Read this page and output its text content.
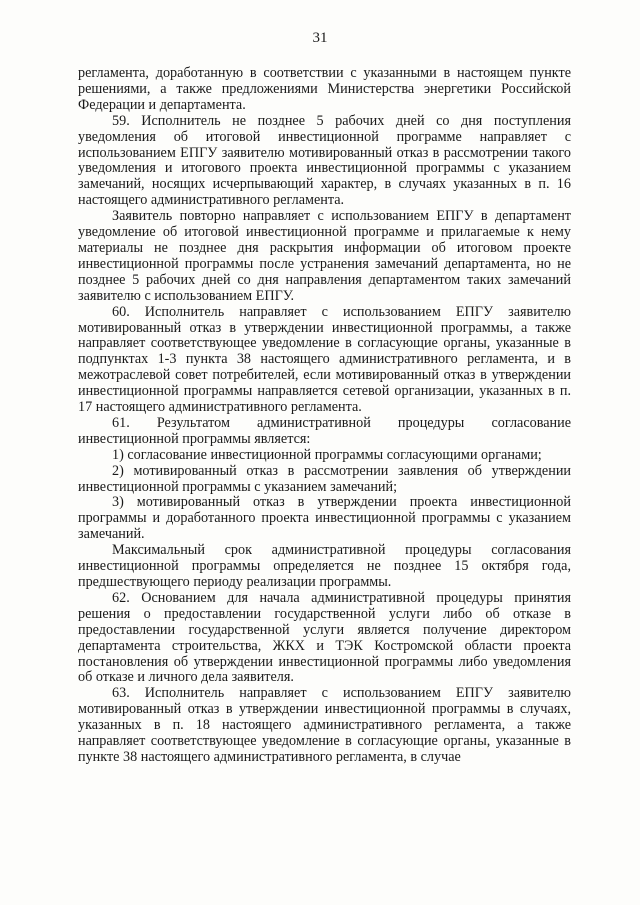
31

регламента, доработанную в соответствии с указанными в настоящем пункте решениями, а также предложениями Министерства энергетики Российской Федерации и департамента.

59. Исполнитель не позднее 5 рабочих дней со дня поступления уведомления об итоговой инвестиционной программе направляет с использованием ЕПГУ заявителю мотивированный отказ в рассмотрении такого уведомления и итогового проекта инвестиционной программы с указанием замечаний, носящих исчерпывающий характер, в случаях указанных в п. 16 настоящего административного регламента.

Заявитель повторно направляет с использованием ЕПГУ в департамент уведомление об итоговой инвестиционной программе и прилагаемые к нему материалы не позднее дня раскрытия информации об итоговом проекте инвестиционной программы после устранения замечаний департамента, но не позднее 5 рабочих дней со дня направления департаментом таких замечаний заявителю с использованием ЕПГУ.

60. Исполнитель направляет с использованием ЕПГУ заявителю мотивированный отказ в утверждении инвестиционной программы, а также направляет соответствующее уведомление в согласующие органы, указанные в подпунктах 1-3 пункта 38 настоящего административного регламента, и в межотраслевой совет потребителей, если мотивированный отказ в утверждении инвестиционной программы направляется сетевой организации, указанных в п. 17 настоящего административного регламента.

61. Результатом административной процедуры согласование инвестиционной программы является:

1) согласование инвестиционной программы согласующими органами;

2) мотивированный отказ в рассмотрении заявления об утверждении инвестиционной программы с указанием замечаний;

3) мотивированный отказ в утверждении проекта инвестиционной программы и доработанного проекта инвестиционной программы с указанием замечаний.

Максимальный срок административной процедуры согласования инвестиционной программы определяется не позднее 15 октября года, предшествующего периоду реализации программы.

62. Основанием для начала административной процедуры принятия решения о предоставлении государственной услуги либо об отказе в предоставлении государственной услуги является получение директором департамента строительства, ЖКХ и ТЭК Костромской области проекта постановления об утверждении инвестиционной программы либо уведомления об отказе и личного дела заявителя.

63. Исполнитель направляет с использованием ЕПГУ заявителю мотивированный отказ в утверждении инвестиционной программы в случаях, указанных в п. 18 настоящего административного регламента, а также направляет соответствующее уведомление в согласующие органы, указанные в пункте 38 настоящего административного регламента, в случае
